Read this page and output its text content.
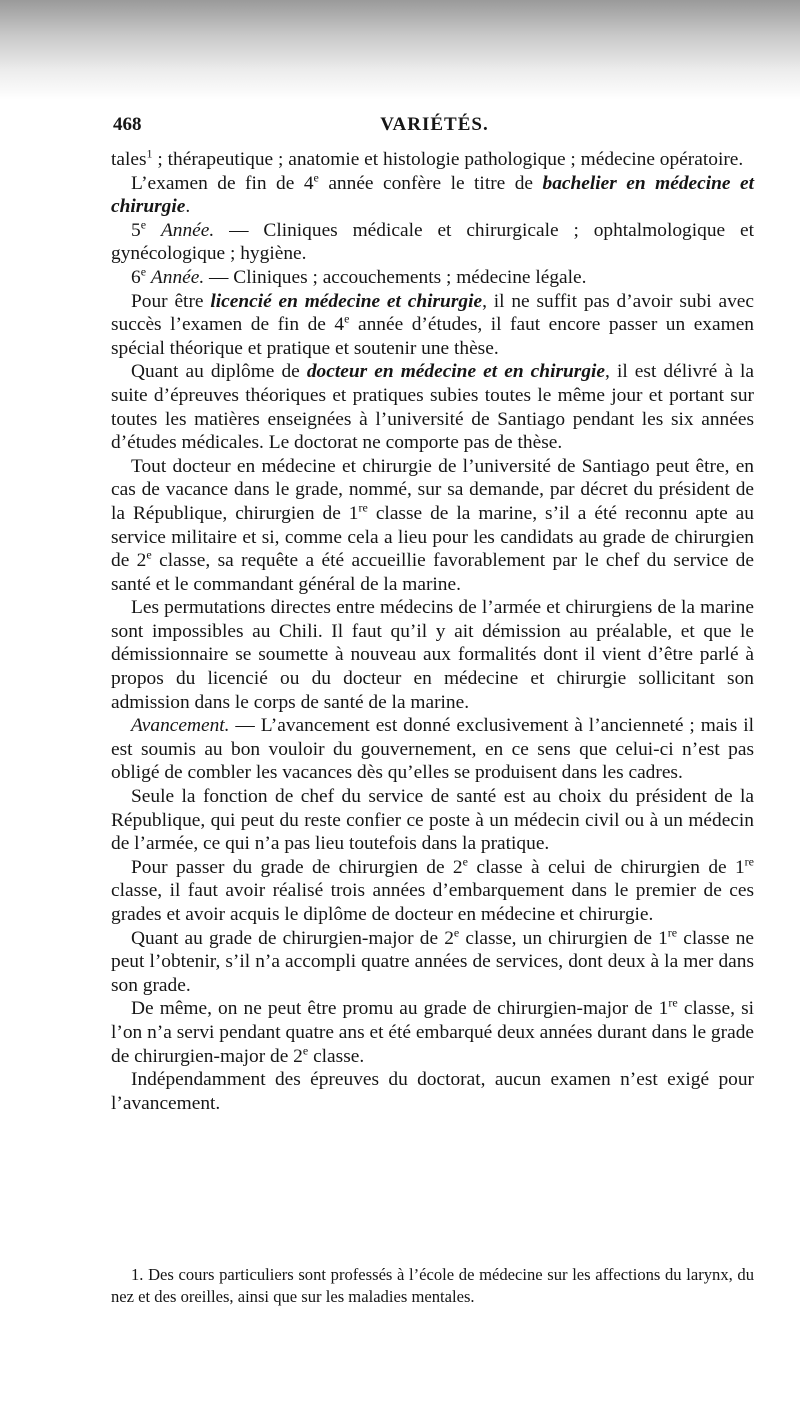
468	VARIÉTÉS.

tales$^1$ ; thérapeutique ; anatomie et histologie pathologique ; médecine opératoire.

L’examen de fin de 4e année confère le titre de bachelier en médecine et chirurgie.

5e Année. — Cliniques médicale et chirurgicale ; ophtalmologique et gynécologique ; hygiène.

6e Année. — Cliniques ; accouchements ; médecine légale.

Pour être licencié en médecine et chirurgie, il ne suffit pas d’avoir subi avec succès l’examen de fin de 4e année d’études, il faut encore passer un examen spécial théorique et pratique et soutenir une thèse.

Quant au diplôme de docteur en médecine et en chirurgie, il est délivré à la suite d’épreuves théoriques et pratiques subies toutes le même jour et portant sur toutes les matières enseignées à l’université de Santiago pendant les six années d’études médicales. Le doctorat ne comporte pas de thèse.

Tout docteur en médecine et chirurgie de l’université de Santiago peut être, en cas de vacance dans le grade, nommé, sur sa demande, par décret du président de la République, chirurgien de 1re classe de la marine, s’il a été reconnu apte au service militaire et si, comme cela a lieu pour les candidats au grade de chirurgien de 2e classe, sa requête a été accueillie favorablement par le chef du service de santé et le commandant général de la marine.

Les permutations directes entre médecins de l’armée et chirurgiens de la marine sont impossibles au Chili. Il faut qu’il y ait démission au préalable, et que le démissionnaire se soumette à nouveau aux formalités dont il vient d’être parlé à propos du licencié ou du docteur en médecine et chirurgie sollicitant son admission dans le corps de santé de la marine.

Avancement. — L’avancement est donné exclusivement à l’ancienneté ; mais il est soumis au bon vouloir du gouvernement, en ce sens que celui-ci n’est pas obligé de combler les vacances dès qu’elles se produisent dans les cadres.

Seule la fonction de chef du service de santé est au choix du président de la République, qui peut du reste confier ce poste à un médecin civil ou à un médecin de l’armée, ce qui n’a pas lieu toutefois dans la pratique.

Pour passer du grade de chirurgien de 2e classe à celui de chirurgien de 1re classe, il faut avoir réalisé trois années d’embarquement dans le premier de ces grades et avoir acquis le diplôme de docteur en médecine et chirurgie.

Quant au grade de chirurgien-major de 2e classe, un chirurgien de 1re classe ne peut l’obtenir, s’il n’a accompli quatre années de services, dont deux à la mer dans son grade.

De même, on ne peut être promu au grade de chirurgien-major de 1re classe, si l’on n’a servi pendant quatre ans et été embarqué deux années durant dans le grade de chirurgien-major de 2e classe.

Indépendamment des épreuves du doctorat, aucun examen n’est exigé pour l’avancement.

1. Des cours particuliers sont professés à l’école de médecine sur les affections du larynx, du nez et des oreilles, ainsi que sur les maladies mentales.
